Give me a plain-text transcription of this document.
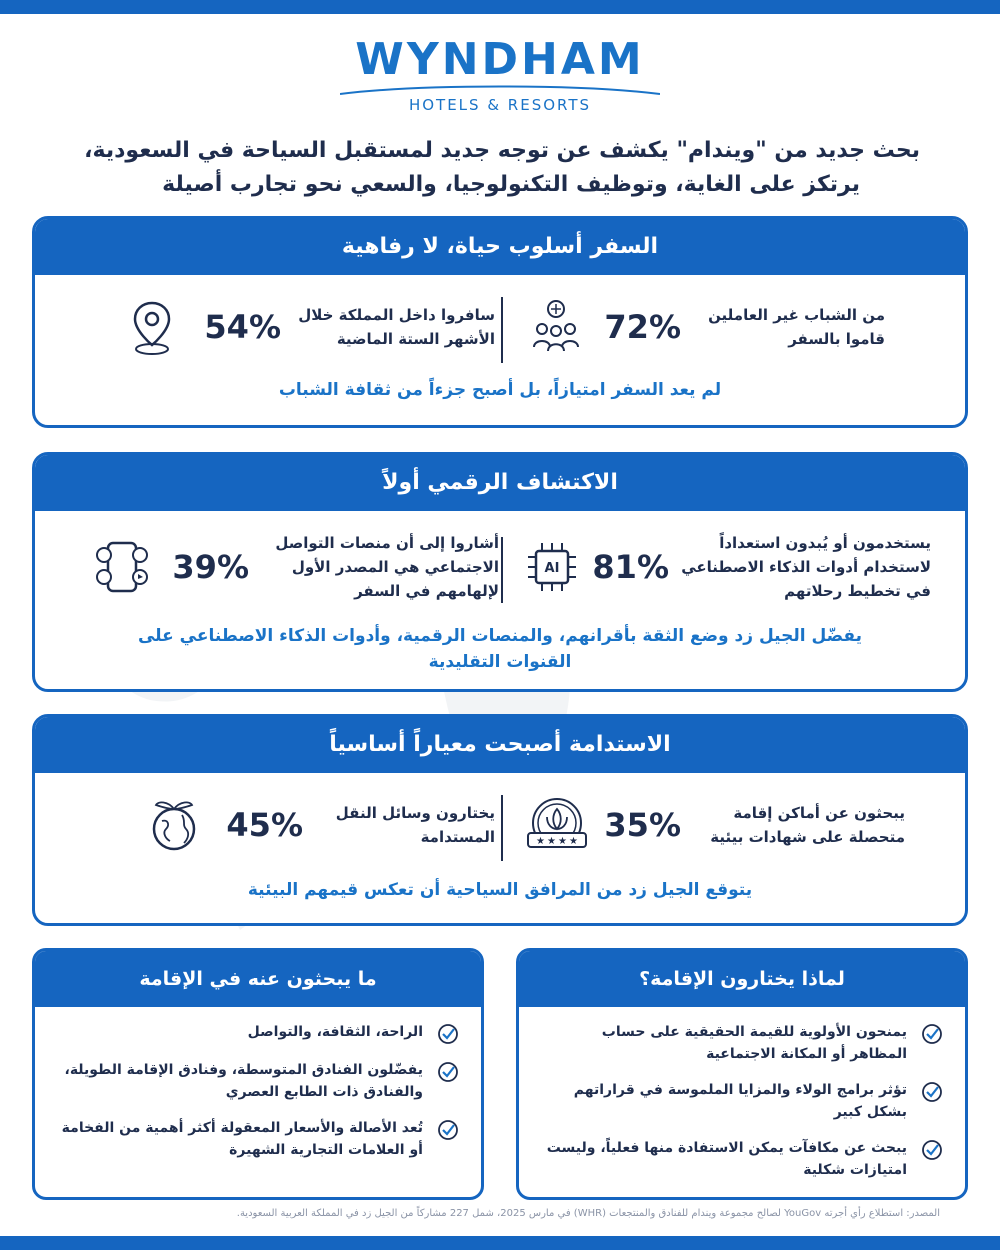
WYNDHAM
HOTELS & RESORTS
بحث جديد من "ويندام" يكشف عن توجه جديد لمستقبل السياحة في السعودية،
يرتكز على الغاية، وتوظيف التكنولوجيا، والسعي نحو تجارب أصيلة
السفر أسلوب حياة، لا رفاهية
من الشباب غير العاملين قاموا بالسفر
72%
سافروا داخل المملكة خلال الأشهر الستة الماضية
54%
لم يعد السفر امتيازاً، بل أصبح جزءاً من ثقافة الشباب
الاكتشاف الرقمي أولاً
يستخدمون أو يُبدون استعداداً لاستخدام أدوات الذكاء الاصطناعي في تخطيط رحلاتهم
81%
AI
أشاروا إلى أن منصات التواصل الاجتماعي هي المصدر الأول لإلهامهم في السفر
39%
يفضّل الجيل زد وضع الثقة بأقرانهم، والمنصات الرقمية، وأدوات الذكاء الاصطناعي على القنوات التقليدية
الاستدامة أصبحت معياراً أساسياً
يبحثون عن أماكن إقامة متحصلة على شهادات بيئية
35%
★ ★ ★ ★
يختارون وسائل النقل المستدامة
45%
يتوقع الجيل زد من المرافق السياحية أن تعكس قيمهم البيئية
لماذا يختارون الإقامة؟
يمنحون الأولوية للقيمة الحقيقية على حساب المظاهر أو المكانة الاجتماعية
تؤثر برامج الولاء والمزايا الملموسة في قراراتهم بشكل كبير
يبحث عن مكافآت يمكن الاستفادة منها فعلياً، وليست امتيازات شكلية
ما يبحثون عنه في الإقامة
الراحة، الثقافة، والتواصل
يفضّلون الفنادق المتوسطة، وفنادق الإقامة الطويلة، والفنادق ذات الطابع العصري
تُعد الأصالة والأسعار المعقولة أكثر أهمية من الفخامة أو العلامات التجارية الشهيرة
المصدر: استطلاع رأي أجرته YouGov لصالح مجموعة ويندام للفنادق والمنتجعات (WHR) في مارس 2025، شمل 227 مشاركاً من الجيل زد في المملكة العربية السعودية.
